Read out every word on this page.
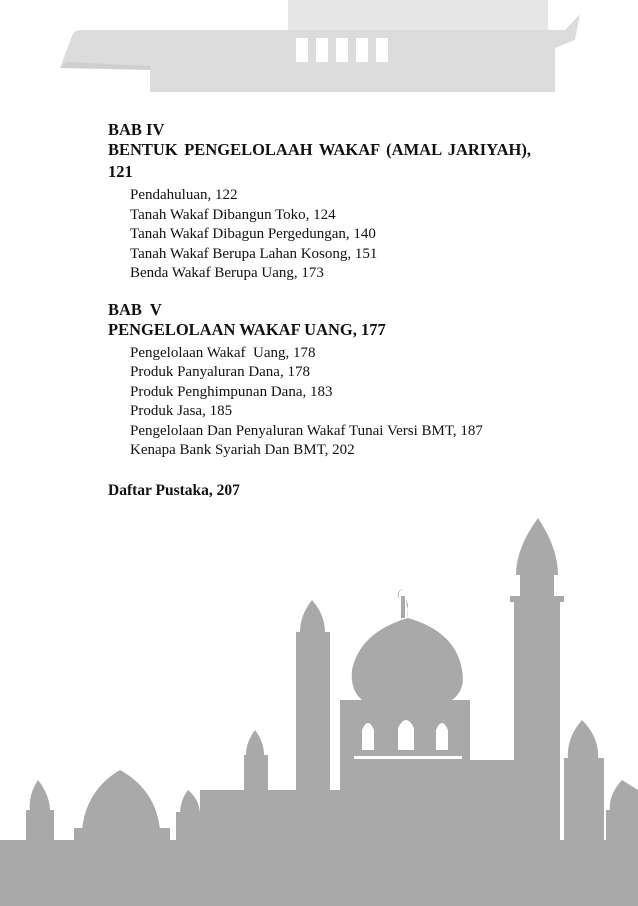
BAB IV

BENTUK PENGELOLAAH WAKAF (AMAL JARIYAH), 121

Pendahuluan, 122
Tanah Wakaf Dibangun Toko, 124
Tanah Wakaf Dibagun Pergedungan, 140
Tanah Wakaf Berupa Lahan Kosong, 151
Benda Wakaf Berupa Uang, 173

BAB  V

PENGELOLAAN WAKAF UANG, 177

Pengelolaan Wakaf  Uang, 178
Produk Panyaluran Dana, 178
Produk Penghimpunan Dana, 183
Produk Jasa, 185
Pengelolaan Dan Penyaluran Wakaf Tunai Versi BMT, 187
Kenapa Bank Syariah Dan BMT, 202

Daftar Pustaka, 207
